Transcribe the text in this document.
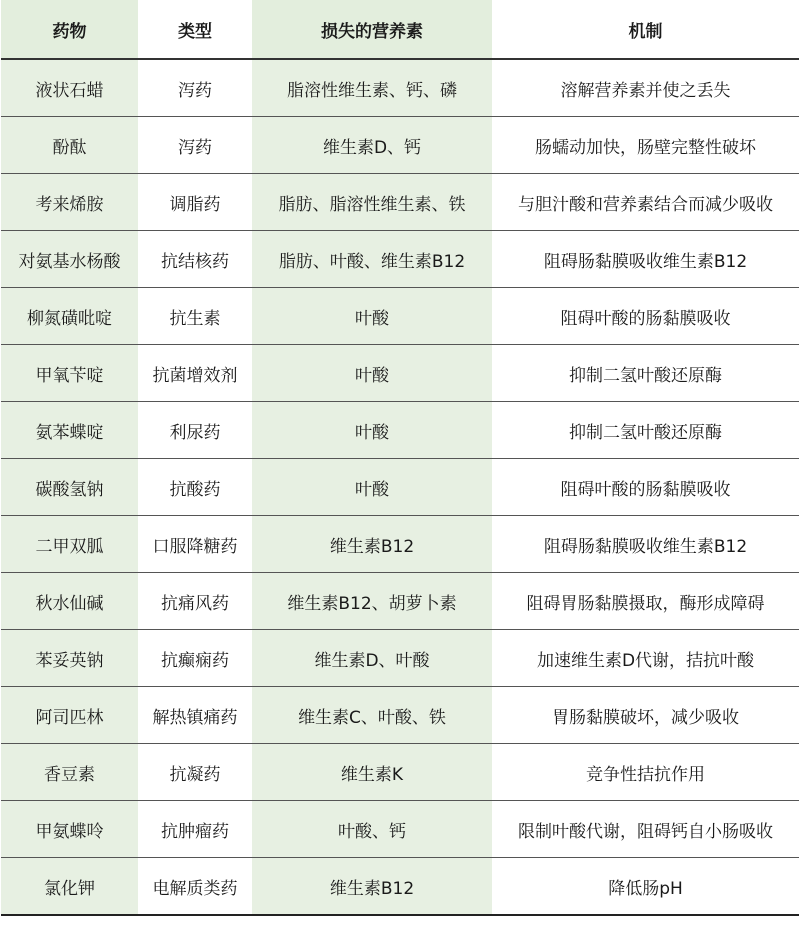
药物	类型	损失的营养素	机制
液状石蜡	泻药	脂溶性维生素、钙、磷	溶解营养素并使之丢失
酚酞	泻药	维生素D、钙	肠蠕动加快，肠壁完整性破坏
考来烯胺	调脂药	脂肪、脂溶性维生素、铁	与胆汁酸和营养素结合而减少吸收
对氨基水杨酸	抗结核药	脂肪、叶酸、维生素B12	阻碍肠黏膜吸收维生素B12
柳氮磺吡啶	抗生素	叶酸	阻碍叶酸的肠黏膜吸收
甲氧苄啶	抗菌增效剂	叶酸	抑制二氢叶酸还原酶
氨苯蝶啶	利尿药	叶酸	抑制二氢叶酸还原酶
碳酸氢钠	抗酸药	叶酸	阻碍叶酸的肠黏膜吸收
二甲双胍	口服降糖药	维生素B12	阻碍肠黏膜吸收维生素B12
秋水仙碱	抗痛风药	维生素B12、胡萝卜素	阻碍胃肠黏膜摄取，酶形成障碍
苯妥英钠	抗癫痫药	维生素D、叶酸	加速维生素D代谢，拮抗叶酸
阿司匹林	解热镇痛药	维生素C、叶酸、铁	胃肠黏膜破坏，减少吸收
香豆素	抗凝药	维生素K	竞争性拮抗作用
甲氨蝶呤	抗肿瘤药	叶酸、钙	限制叶酸代谢，阻碍钙自小肠吸收
氯化钾	电解质类药	维生素B12	降低肠pH
